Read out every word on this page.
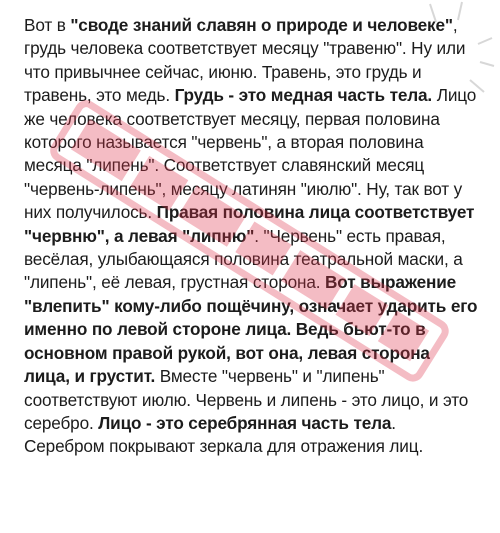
Вот в "своде знаний славян о природе и человеке", грудь человека соответствует месяцу "травеню". Ну или что привычнее сейчас, июню. Травень, это грудь и травень, это медь. Грудь - это медная часть тела. Лицо же человека соответствует месяцу, первая половина которого называется "червень", а вторая половина месяца "липень". Соответствует славянский месяц "червень-липень", месяцу латинян "июлю". Ну, так вот у них получилось. Правая половина лица соответствует "червню", а левая "липню". "Червень" есть правая, весёлая, улыбающаяся половина театральной маски, а "липень", её левая, грустная сторона. Вот выражение "влепить" кому-либо пощёчину, означает ударить его именно по левой стороне лица. Ведь бьют-то в основном правой рукой, вот она, левая сторона лица, и грустит. Вместе "червень" и "липень" соответствуют июлю. Червень и липень - это лицо, и это серебро. Лицо - это серебрянная часть тела. Серебром покрывают зеркала для отражения лиц.
